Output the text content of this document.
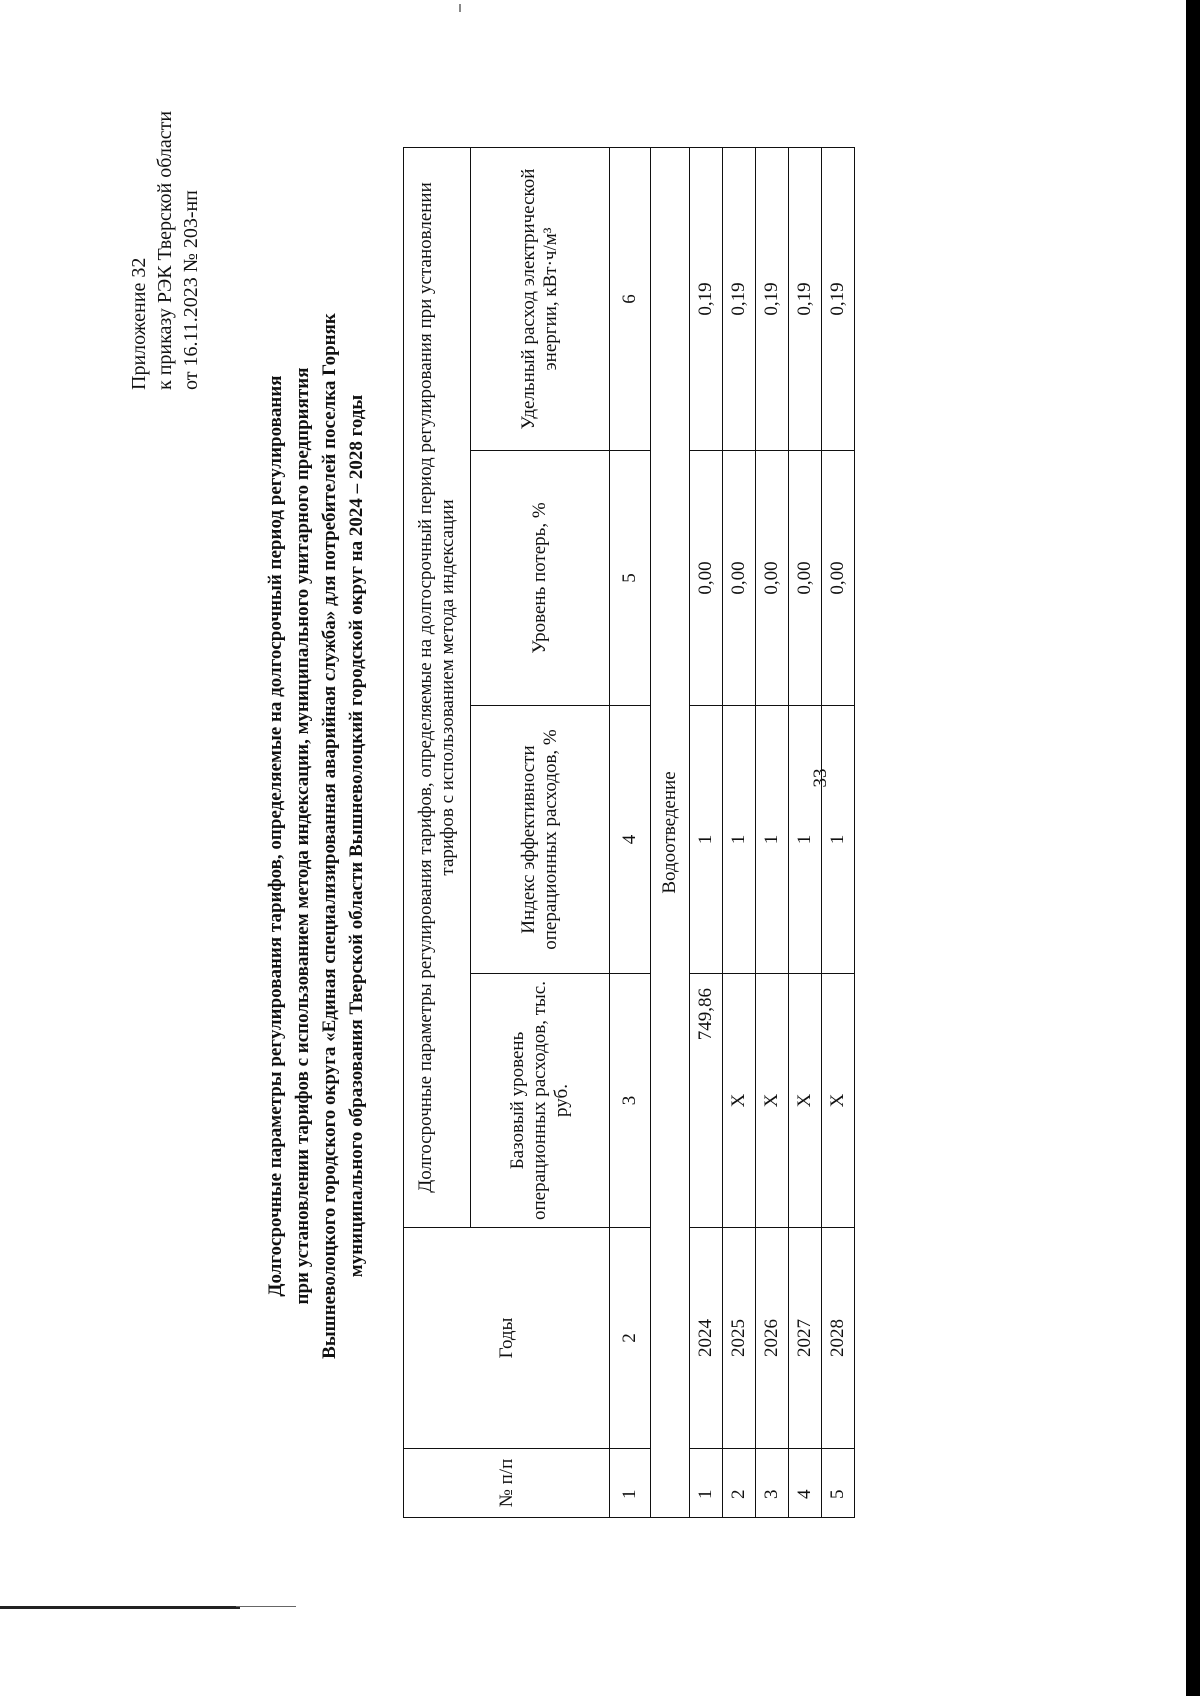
33
Приложение 32 к приказу РЭК Тверской области от 16.11.2023 № 203-нп
Долгосрочные параметры регулирования тарифов, определяемые на долгосрочный период регулирования при установлении тарифов с использованием метода индексации, муниципального унитарного предприятия Вышневолоцкого городского округа «Единая специализированная аварийная служба» для потребителей поселка Горняк муниципального образования Тверской области Вышневолоцкий городской округ на 2024 – 2028 годы
№ п/п	Годы	Долгосрочные параметры регулирования тарифов, определяемые на долгосрочный период регулирования при установлении тарифов с использованием метода индексации			
		Базовый уровень операционных расходов, тыс. руб.	Индекс эффективности операционных расходов, %	Уровень потерь, %	Удельный расход электрической энергии, кВт·ч/м³
1	2	3	4	5	6
Водоотведение					
1	2024	749,86	1	0,00	0,19
2	2025	X	1	0,00	0,19
3	2026	X	1	0,00	0,19
4	2027	X	1	0,00	0,19
5	2028	X	1	0,00	0,19
